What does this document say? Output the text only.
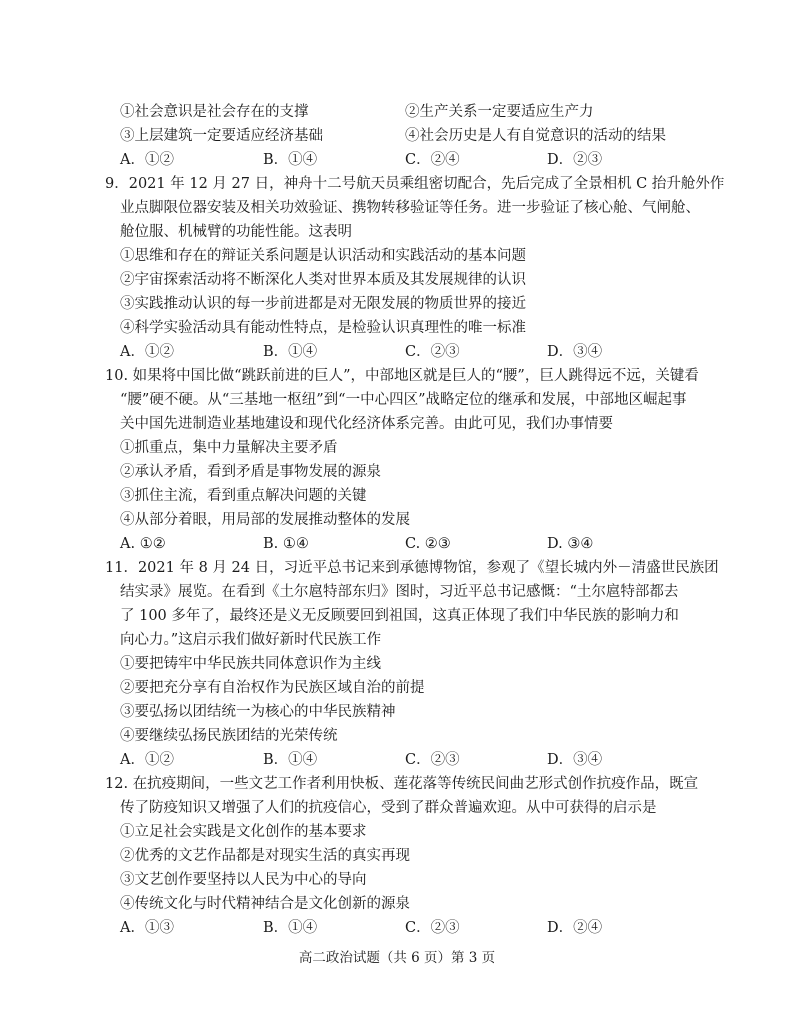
①社会意识是社会存在的支撑	②生产关系一定要适应生产力
③上层建筑一定要适应经济基础	④社会历史是人有自觉意识的活动的结果
A．①②	B．①④	C．②④	D．②③
9．2021 年 12 月 27 日，神舟十二号航天员乘组密切配合，先后完成了全景相机 C 抬升舱外作
业点脚限位器安装及相关功效验证、携物转移验证等任务。进一步验证了核心舱、气闸舱、
舱位服、机械臂的功能性能。这表明
①思维和存在的辩证关系问题是认识活动和实践活动的基本问题
②宇宙探索活动将不断深化人类对世界本质及其发展规律的认识
③实践推动认识的每一步前进都是对无限发展的物质世界的接近
④科学实验活动具有能动性特点，是检验认识真理性的唯一标准
A．①②	B．①④	C．②③	D．③④
10. 如果将中国比做“跳跃前进的巨人”，中部地区就是巨人的“腰”，巨人跳得远不远，关键看
“腰”硬不硬。从“三基地一枢纽”到“一中心四区”战略定位的继承和发展，中部地区崛起事
关中国先进制造业基地建设和现代化经济体系完善。由此可见，我们办事情要
①抓重点，集中力量解决主要矛盾
②承认矛盾，看到矛盾是事物发展的源泉
③抓住主流，看到重点解决问题的关键
④从部分着眼，用局部的发展推动整体的发展
A. ①②	B. ①④	C. ②③	D. ③④
11．2021 年 8 月 24 日，习近平总书记来到承德博物馆，参观了《望长城内外－清盛世民族团
结实录》展览。在看到《土尔扈特部东归》图时，习近平总书记感慨：“土尔扈特部都去
了 100 多年了，最终还是义无反顾要回到祖国，这真正体现了我们中华民族的影响力和
向心力。”这启示我们做好新时代民族工作
①要把铸牢中华民族共同体意识作为主线
②要把充分享有自治权作为民族区域自治的前提
③要弘扬以团结统一为核心的中华民族精神
④要继续弘扬民族团结的光荣传统
A．①②	B．①④	C．②③	D．③④
12. 在抗疫期间，一些文艺工作者利用快板、莲花落等传统民间曲艺形式创作抗疫作品，既宣
传了防疫知识又增强了人们的抗疫信心，受到了群众普遍欢迎。从中可获得的启示是
①立足社会实践是文化创作的基本要求
②优秀的文艺作品都是对现实生活的真实再现
③文艺创作要坚持以人民为中心的导向
④传统文化与时代精神结合是文化创新的源泉
A．①③	B．①④	C．②③	D．②④
高二政治试题（共 6 页）第 3 页
